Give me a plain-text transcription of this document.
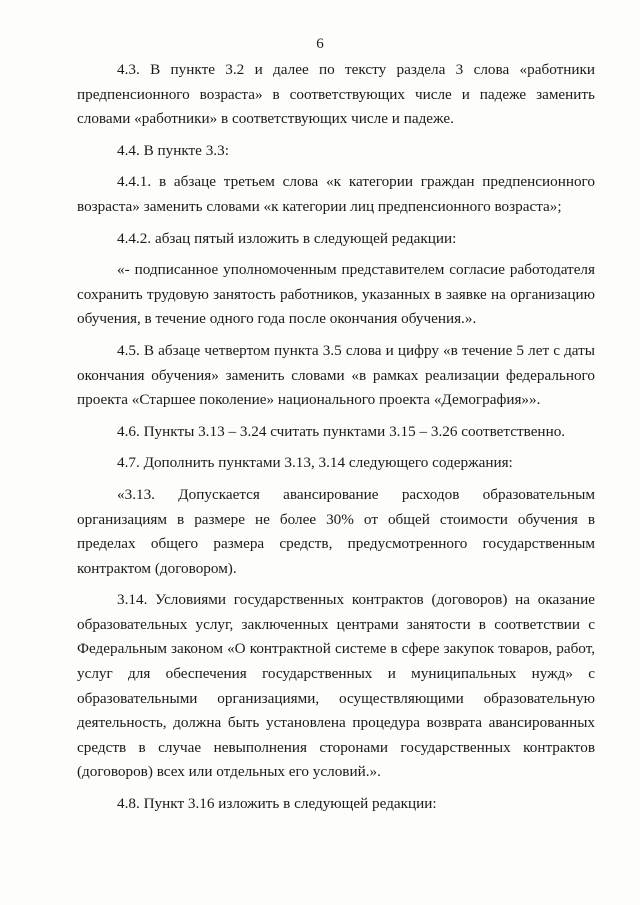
6

4.3. В пункте 3.2 и далее по тексту раздела 3 слова «работники предпенсионного возраста» в соответствующих числе и падеже заменить словами «работники» в соответствующих числе и падеже.

4.4. В пункте 3.3:

4.4.1. в абзаце третьем слова «к категории граждан предпенсионного возраста» заменить словами «к категории лиц предпенсионного возраста»;

4.4.2. абзац пятый изложить в следующей редакции:

«- подписанное уполномоченным представителем согласие работодателя сохранить трудовую занятость работников, указанных в заявке на организацию обучения, в течение одного года после окончания обучения.».

4.5. В абзаце четвертом пункта 3.5 слова и цифру «в течение 5 лет с даты окончания обучения» заменить словами «в рамках реализации федерального проекта «Старшее поколение» национального проекта «Демография»».

4.6. Пункты 3.13 – 3.24 считать пунктами 3.15 – 3.26 соответственно.

4.7. Дополнить пунктами 3.13, 3.14 следующего содержания:

«3.13. Допускается авансирование расходов образовательным организациям в размере не более 30% от общей стоимости обучения в пределах общего размера средств, предусмотренного государственным контрактом (договором).

3.14. Условиями государственных контрактов (договоров) на оказание образовательных услуг, заключенных центрами занятости в соответствии с Федеральным законом «О контрактной системе в сфере закупок товаров, работ, услуг для обеспечения государственных и муниципальных нужд» с образовательными организациями, осуществляющими образовательную деятельность, должна быть установлена процедура возврата авансированных средств в случае невыполнения сторонами государственных контрактов (договоров) всех или отдельных его условий.».

4.8. Пункт 3.16 изложить в следующей редакции:
